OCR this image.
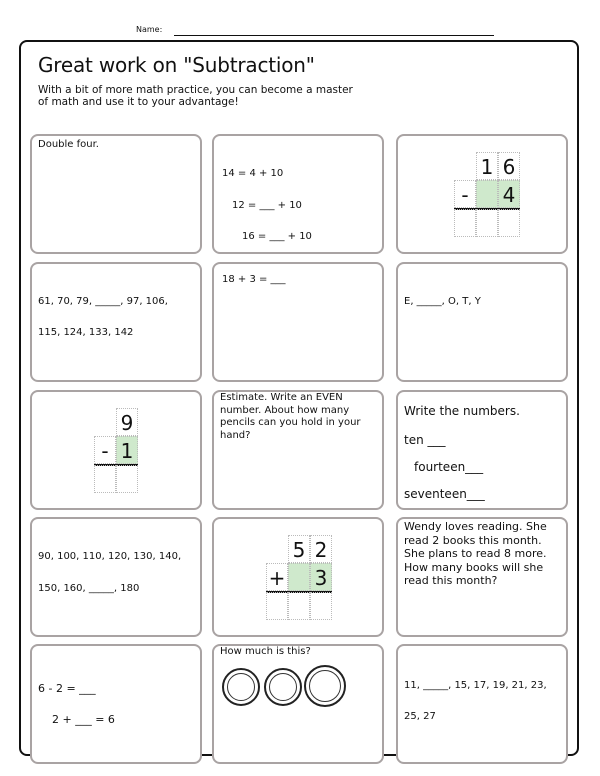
Name:
Great work on "Subtraction"
With a bit of more math practice, you can become a master
of math and use it to your advantage!
Double four.
14 = 4 + 10
12 = ___ + 10
16 = ___ + 10
1 6
-	4
61, 70, 79, _____, 97, 106,
115, 124, 133, 142
18 + 3 = ___
E, _____, O, T, Y
9
- 1
Estimate. Write an EVEN number. About how many pencils can you hold in your hand?
Write the numbers.
ten ___
fourteen___
seventeen___
90, 100, 110, 120, 130, 140,
150, 160, _____, 180
5 2
+ 3
Wendy loves reading. She read 2 books this month. She plans to read 8 more. How many books will she read this month?
6 - 2 = ___
2 + ___ = 6
How much is this?
11, _____, 15, 17, 19, 21, 23,
25, 27
